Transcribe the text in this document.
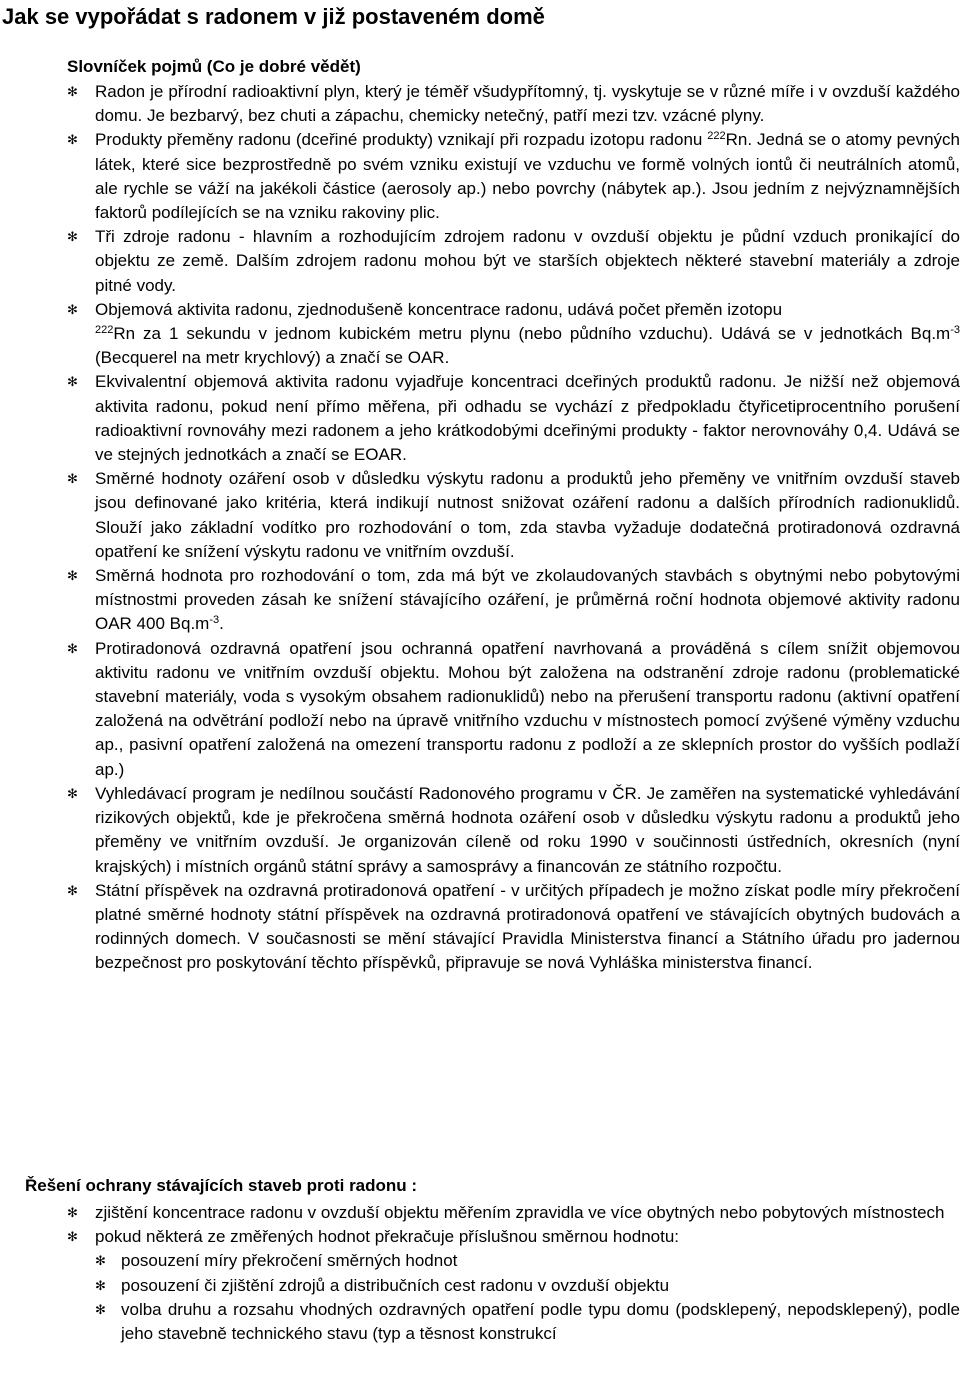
Jak se vypořádat s radonem v již postaveném domě
Slovníček pojmů (Co je dobré vědět)
✻	Radon je přírodní radioaktivní plyn, který je téměř všudypřítomný, tj. vyskytuje se v různé míře i v ovzduší každého domu. Je bezbarvý, bez chuti a zápachu, chemicky netečný, patří mezi tzv. vzácné plyny.
✻	Produkty přeměny radonu (dceřiné produkty) vznikají při rozpadu izotopu radonu $^{222}$Rn. Jedná se o atomy pevných látek, které sice bezprostředně po svém vzniku existují ve vzduchu ve formě volných iontů či neutrálních atomů, ale rychle se váží na jakékoli částice (aerosoly ap.) nebo povrchy (nábytek ap.). Jsou jedním z nejvýznamnějších faktorů podílejících se na vzniku rakoviny plic.
✻	Tři zdroje radonu - hlavním a rozhodujícím zdrojem radonu v ovzduší objektu je půdní vzduch pronikající do objektu ze země. Dalším zdrojem radonu mohou být ve starších objektech některé stavební materiály a zdroje pitné vody.
✻	Objemová aktivita radonu, zjednodušeně koncentrace radonu, udává počet přeměn izotopu
$^{222}$Rn za 1 sekundu v jednom kubickém metru plynu (nebo půdního vzduchu). Udává se v jednotkách $Bq.m^{-3}$ (Becquerel na metr krychlový) a značí se OAR.
✻	Ekvivalentní objemová aktivita radonu vyjadřuje koncentraci dceřiných produktů radonu. Je nižší než objemová aktivita radonu, pokud není přímo měřena, při odhadu se vychází z předpokladu čtyřicetiprocentního porušení radioaktivní rovnováhy mezi radonem a jeho krátkodobými dceřinými produkty - faktor nerovnováhy 0,4. Udává se ve stejných jednotkách a značí se EOAR.
✻	Směrné hodnoty ozáření osob v důsledku výskytu radonu a produktů jeho přeměny ve vnitřním ovzduší staveb jsou definované jako kritéria, která indikují nutnost snižovat ozáření radonu a dalších přírodních radionuklidů. Slouží jako základní vodítko pro rozhodování o tom, zda stavba vyžaduje dodatečná protiradonová ozdravná opatření ke snížení výskytu radonu ve vnitřním ovzduší.
✻	Směrná hodnota pro rozhodování o tom, zda má být ve zkolaudovaných stavbách s obytnými nebo pobytovými místnostmi proveden zásah ke snížení stávajícího ozáření, je průměrná roční hodnota objemové aktivity radonu OAR 400 $Bq.m^{-3}$.
✻	Protiradonová ozdravná opatření jsou ochranná opatření navrhovaná a prováděná s cílem snížit objemovou aktivitu radonu ve vnitřním ovzduší objektu. Mohou být založena na odstranění zdroje radonu (problematické stavební materiály, voda s vysokým obsahem radionuklidů) nebo na přerušení transportu radonu (aktivní opatření založená na odvětrání podloží nebo na úpravě vnitřního vzduchu v místnostech pomocí zvýšené výměny vzduchu ap., pasivní opatření založená na omezení transportu radonu z podloží a ze sklepních prostor do vyšších podlaží ap.)
✻	Vyhledávací program je nedílnou součástí Radonového programu v ČR. Je zaměřen na systematické vyhledávání rizikových objektů, kde je překročena směrná hodnota ozáření osob v důsledku výskytu radonu a produktů jeho přeměny ve vnitřním ovzduší. Je organizován cíleně od roku 1990 v součinnosti ústředních, okresních (nyní krajských) i místních orgánů státní správy a samosprávy a financován ze státního rozpočtu.
✻	Státní příspěvek na ozdravná protiradonová opatření - v určitých případech je možno získat podle míry překročení platné směrné hodnoty státní příspěvek na ozdravná protiradonová opatření ve stávajících obytných budovách a rodinných domech. V současnosti se mění stávající Pravidla Ministerstva financí a Státního úřadu pro jadernou bezpečnost pro poskytování těchto příspěvků, připravuje se nová Vyhláška ministerstva financí.
Řešení ochrany stávajících staveb proti radonu :
✻	zjištění koncentrace radonu v ovzduší objektu měřením zpravidla ve více obytných nebo pobytových místnostech
✻	pokud některá ze změřených hodnot překračuje příslušnou směrnou hodnotu:
✻ posouzení míry překročení směrných hodnot
✻ posouzení či zjištění zdrojů a distribučních cest radonu v ovzduší objektu
✻ volba druhu a rozsahu vhodných ozdravných opatření podle typu domu (podsklepený, nepodsklepený), podle jeho stavebně technického stavu (typ a těsnost konstrukcí
